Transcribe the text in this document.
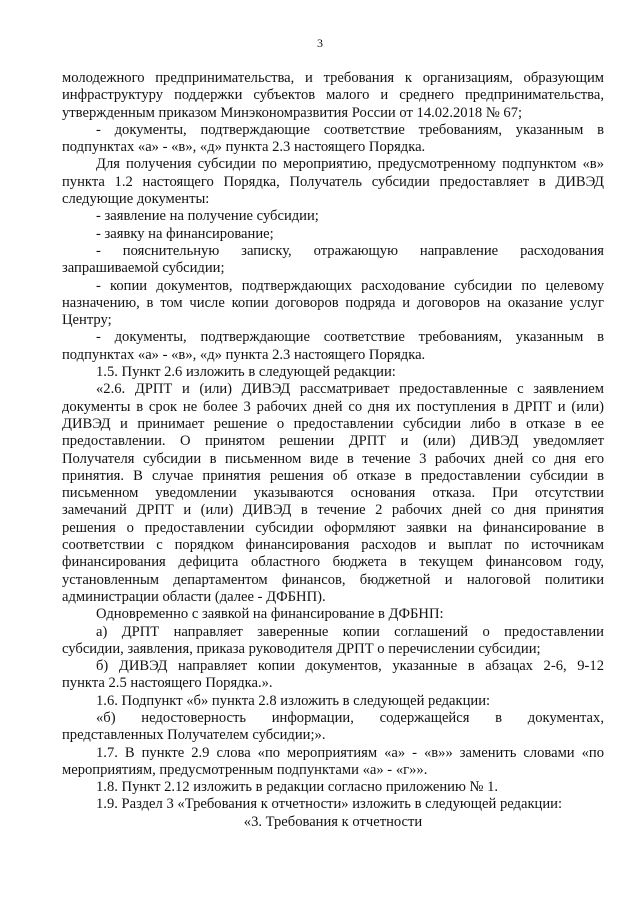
3
молодежного предпринимательства, и требования к организациям, образующим
инфраструктуру поддержки субъектов малого и среднего предпринимательства,
утвержденным приказом Минэкономразвития России от 14.02.2018 № 67;
- документы, подтверждающие соответствие требованиям, указанным в
подпунктах «а» - «в», «д» пункта 2.3 настоящего Порядка.
Для получения субсидии по мероприятию, предусмотренному подпунктом «в»
пункта 1.2 настоящего Порядка, Получатель субсидии предоставляет в ДИВЭД
следующие документы:
- заявление на получение субсидии;
- заявку на финансирование;
- пояснительную записку, отражающую направление расходования
запрашиваемой субсидии;
- копии документов, подтверждающих расходование субсидии по целевому
назначению, в том числе копии договоров подряда и договоров на оказание услуг
Центру;
- документы, подтверждающие соответствие требованиям, указанным в
подпунктах «а» - «в», «д» пункта 2.3 настоящего Порядка.
1.5. Пункт 2.6 изложить в следующей редакции:
«2.6. ДРПТ и (или) ДИВЭД рассматривает предоставленные с заявлением
документы в срок не более 3 рабочих дней со дня их поступления в ДРПТ и (или)
ДИВЭД и принимает решение о предоставлении субсидии либо в отказе в ее
предоставлении. О принятом решении ДРПТ и (или) ДИВЭД уведомляет
Получателя субсидии в письменном виде в течение 3 рабочих дней со дня его
принятия. В случае принятия решения об отказе в предоставлении субсидии в
письменном уведомлении указываются основания отказа. При отсутствии
замечаний ДРПТ и (или) ДИВЭД в течение 2 рабочих дней со дня принятия
решения о предоставлении субсидии оформляют заявки на финансирование в
соответствии с порядком финансирования расходов и выплат по источникам
финансирования дефицита областного бюджета в текущем финансовом году,
установленным департаментом финансов, бюджетной и налоговой политики
администрации области (далее - ДФБНП).
Одновременно с заявкой на финансирование в ДФБНП:
а) ДРПТ направляет заверенные копии соглашений о предоставлении
субсидии, заявления, приказа руководителя ДРПТ о перечислении субсидии;
б) ДИВЭД направляет копии документов, указанные в абзацах 2-6, 9-12
пункта 2.5 настоящего Порядка.».
1.6. Подпункт «б» пункта 2.8 изложить в следующей редакции:
«б) недостоверность информации, содержащейся в документах,
представленных Получателем субсидии;».
1.7. В пункте 2.9 слова «по мероприятиям «а» - «в»» заменить словами «по
мероприятиям, предусмотренным подпунктами «а» - «г»».
1.8. Пункт 2.12 изложить в редакции согласно приложению № 1.
1.9. Раздел 3 «Требования к отчетности» изложить в следующей редакции:
«3. Требования к отчетности
